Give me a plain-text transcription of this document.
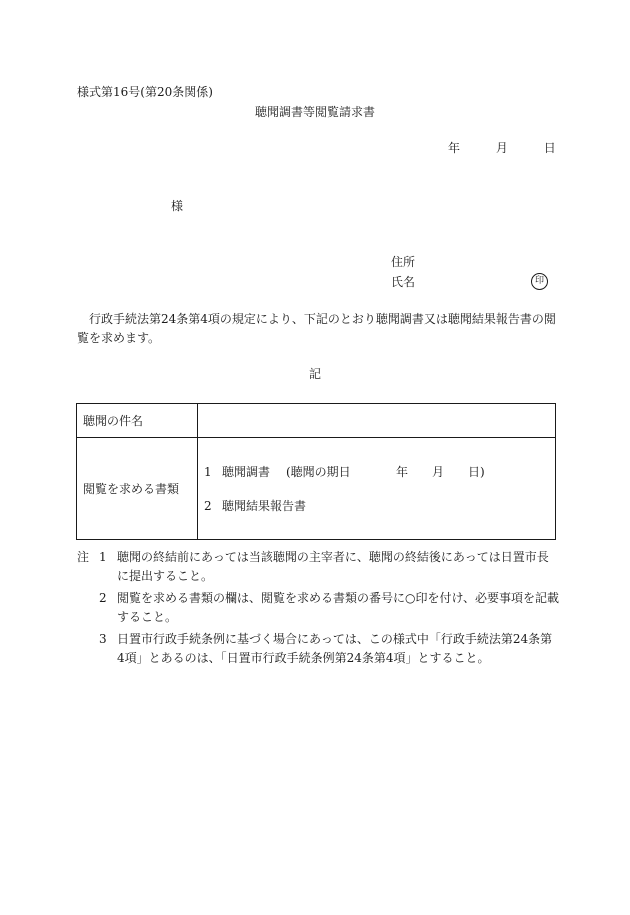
様式第16号(第20条関係)
聴聞調書等閲覧請求書
年	月	日
様
住所
氏名	印
行政手続法第24条第4項の規定により、下記のとおり聴聞調書又は聴聞結果報告書の閲覧を求めます。
記
聴聞の件名	
閲覧を求める書類	1 聴聞調書 (聴聞の期日 年 月 日)
2 聴聞結果報告書
注 1 聴聞の終結前にあっては当該聴聞の主宰者に、聴聞の終結後にあっては日置市長に提出すること。
2 閲覧を求める書類の欄は、閲覧を求める書類の番号に○印を付け、必要事項を記載すること。
3 日置市行政手続条例に基づく場合にあっては、この様式中「行政手続法第24条第4項」とあるのは、「日置市行政手続条例第24条第4項」とすること。
